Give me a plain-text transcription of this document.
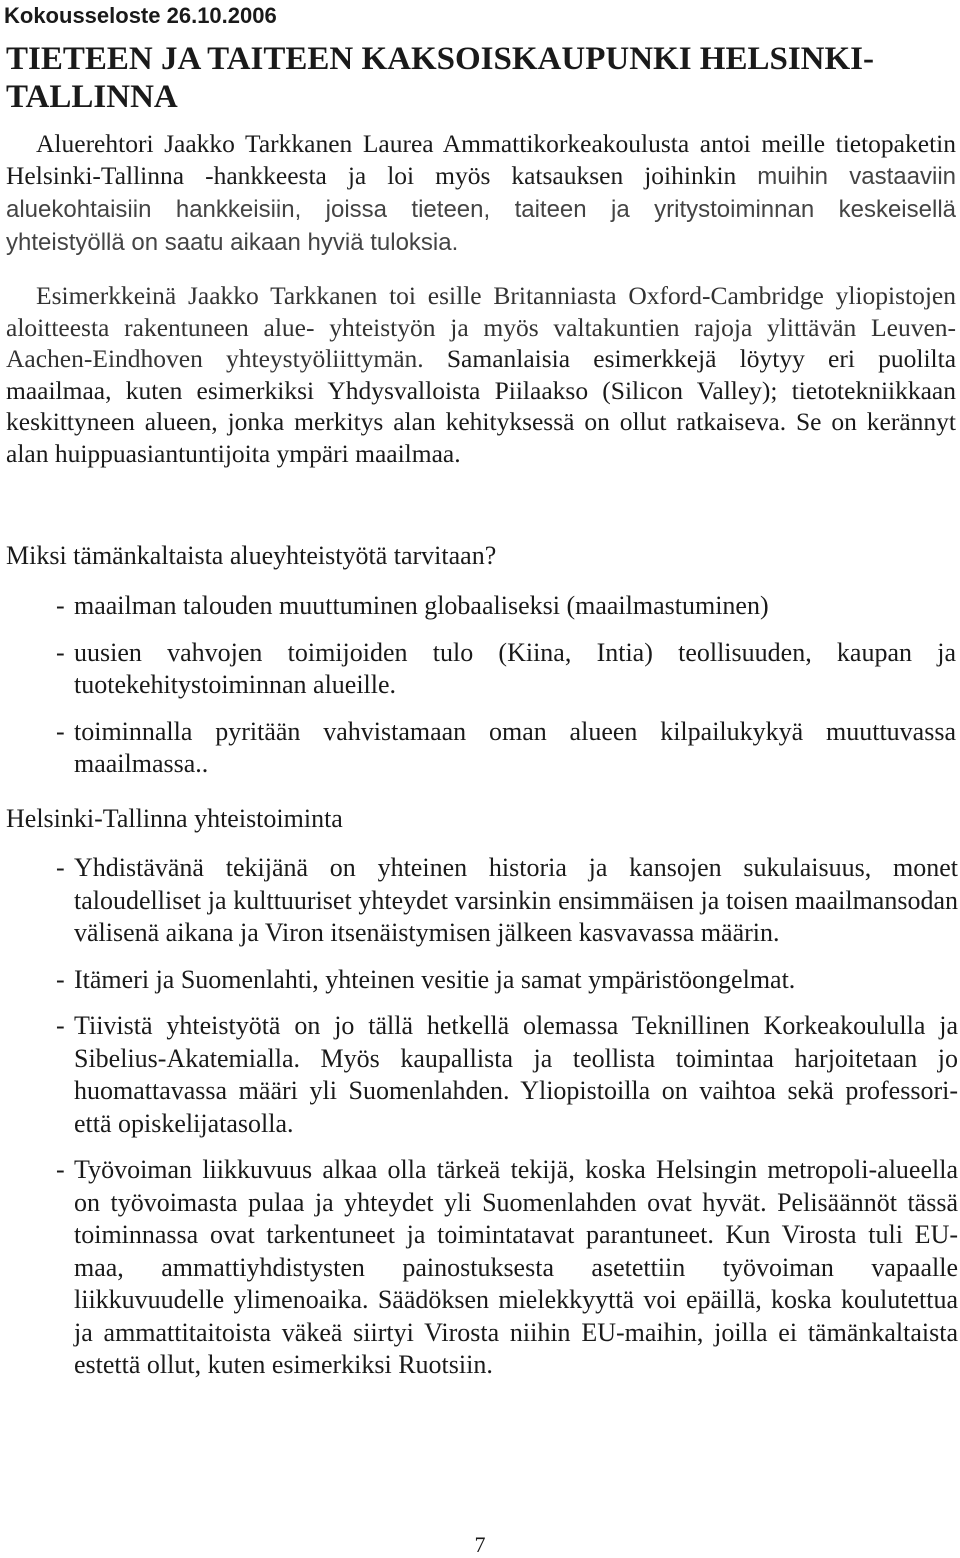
Kokousseloste 26.10.2006
TIETEEN JA TAITEEN KAKSOISKAUPUNKI HELSINKI-TALLINNA

Aluerehtori Jaakko Tarkkanen Laurea Ammattikorkeakoulusta antoi meille tietopaketin Helsinki-Tallinna -hankkeesta ja loi myös katsauksen joihinkin muihin vastaaviin aluekohtaisiin hankkeisiin, joissa tieteen, taiteen ja yritystoiminnan keskeisellä yhteistyöllä on saatu aikaan hyviä tuloksia.

Esimerkkeinä Jaakko Tarkkanen toi esille Britanniasta Oxford-Cambridge yliopistojen aloitteesta rakentuneen alue- yhteistyön ja myös valtakuntien rajoja ylittävän Leuven-Aachen-Eindhoven yhteystyöliittymän. Samanlaisia esimerkkejä löytyy eri puolilta maailmaa, kuten esimerkiksi Yhdysvalloista Piilaakso (Silicon Valley); tietotekniikkaan keskittyneen alueen, jonka merkitys alan kehityksessä on ollut ratkaiseva. Se on kerännyt alan huippuasiantuntijoita ympäri maailmaa.

Miksi tämänkaltaista alueyhteistyötä tarvitaan?
- maailman talouden muuttuminen globaaliseksi (maailmastuminen)
- uusien vahvojen toimijoiden tulo (Kiina, Intia) teollisuuden, kaupan ja tuotekehitystoiminnan alueille.
- toiminnalla pyritään vahvistamaan oman alueen kilpailukykyä muuttuvassa maailmassa..
Helsinki-Tallinna yhteistoiminta
- Yhdistävänä tekijänä on yhteinen historia ja kansojen sukulaisuus, monet taloudelliset ja kulttuuriset yhteydet varsinkin ensimmäisen ja toisen maailmansodan välisenä aikana ja Viron itsenäistymisen jälkeen kasvavassa määrin.
- Itämeri ja Suomenlahti, yhteinen vesitie ja samat ympäristöongelmat.
- Tiivistä yhteistyötä on jo tällä hetkellä olemassa Teknillinen Korkeakoululla ja Sibelius-Akatemialla. Myös kaupallista ja teollista toimintaa harjoitetaan jo huomattavassa määri yli Suomenlahden. Yliopistoilla on vaihtoa sekä professori- että opiskelijatasolla.
- Työvoiman liikkuvuus alkaa olla tärkeä tekijä, koska Helsingin metropoli-alueella on työvoimasta pulaa ja yhteydet yli Suomenlahden ovat hyvät. Pelisäännöt tässä toiminnassa ovat tarkentuneet ja toimintatavat parantuneet. Kun Virosta tuli EU-maa, ammattiyhdistysten painostuksesta asetettiin työvoiman vapaalle liikkuvuudelle ylimenoaika. Säädöksen mielekkyyttä voi epäillä, koska koulutettua ja ammattitaitoista väkeä siirtyi Virosta niihin EU-maihin, joilla ei tämänkaltaista estettä ollut, kuten esimerkiksi Ruotsiin.
7
